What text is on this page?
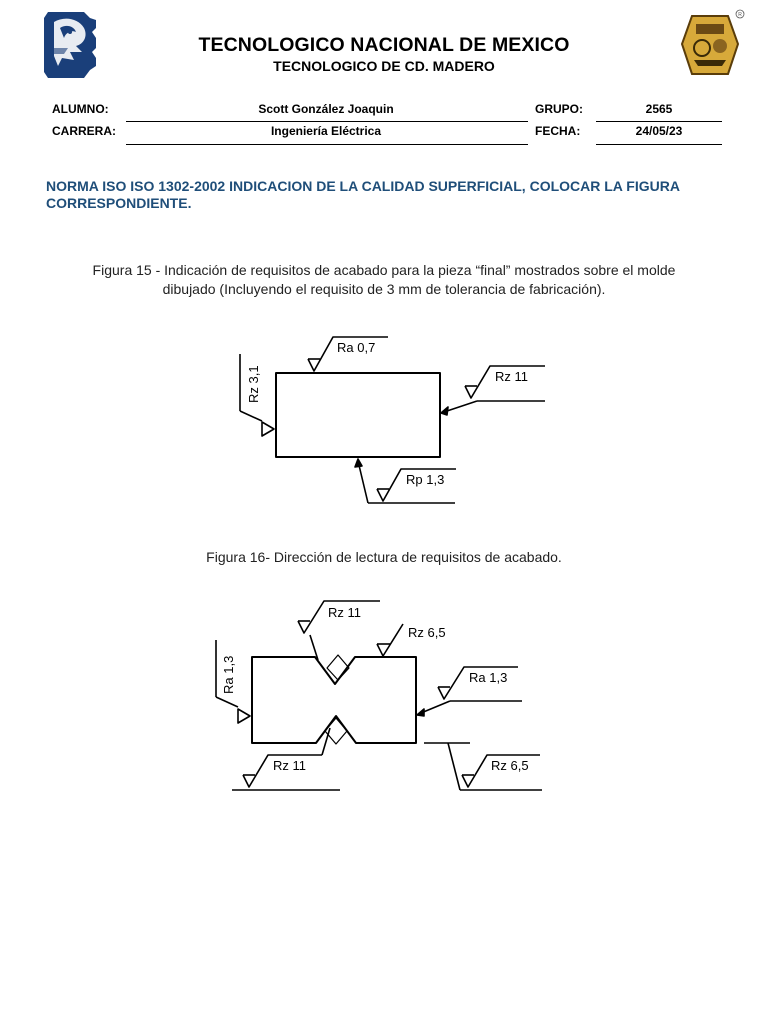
TECNOLOGICO NACIONAL DE MEXICO
TECNOLOGICO DE CD. MADERO
R
ALUMNO:	Scott González Joaquin	GRUPO:	2565
CARRERA:	Ingeniería Eléctrica	FECHA:	24/05/23
NORMA ISO ISO 1302-2002 INDICACION DE LA CALIDAD SUPERFICIAL, COLOCAR LA FIGURA CORRESPONDIENTE.
Figura 15 - Indicación de requisitos de acabado para la pieza “final” mostrados sobre el molde
dibujado (Incluyendo el requisito de 3 mm de tolerancia de fabricación).
Ra 0,7
Rz 11
Rp 1,3
Rz 3,1
Figura 16- Dirección de lectura de requisitos de acabado.
Rz 11
Rz 6,5
Ra 1,3
Ra 1,3
Rz 11	Rz 6,5
